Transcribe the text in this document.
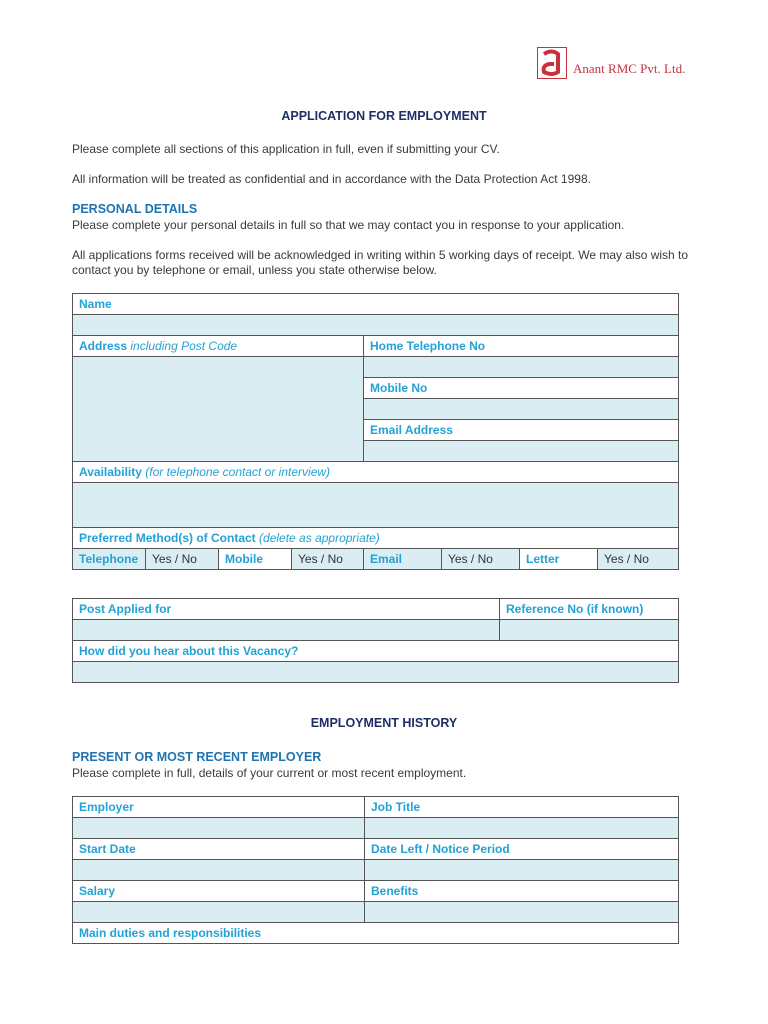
Anant RMC Pvt. Ltd.
APPLICATION FOR EMPLOYMENT
Please complete all sections of this application in full, even if submitting your CV.
All information will be treated as confidential and in accordance with the Data Protection Act 1998.
PERSONAL DETAILS
Please complete your personal details in full so that we may contact you in response to your application.
All applications forms received will be acknowledged in writing within 5 working days of receipt. We may also wish to contact you by telephone or email, unless you state otherwise below.
Name							

Address including Post Code				Home Telephone No			

				Mobile No			

				Email Address			

Availability (for telephone contact or interview)							

Preferred Method(s) of Contact (delete as appropriate)							
Telephone	Yes / No	Mobile	Yes / No	Email	Yes / No	Letter	Yes / No
Post Applied for	Reference No (if known)

How did you hear about this Vacancy?	

EMPLOYMENT HISTORY
PRESENT OR MOST RECENT EMPLOYER
Please complete in full, details of your current or most recent employment.
Employer	Job Title

Start Date	Date Left / Notice Period

Salary	Benefits

Main duties and responsibilities	
